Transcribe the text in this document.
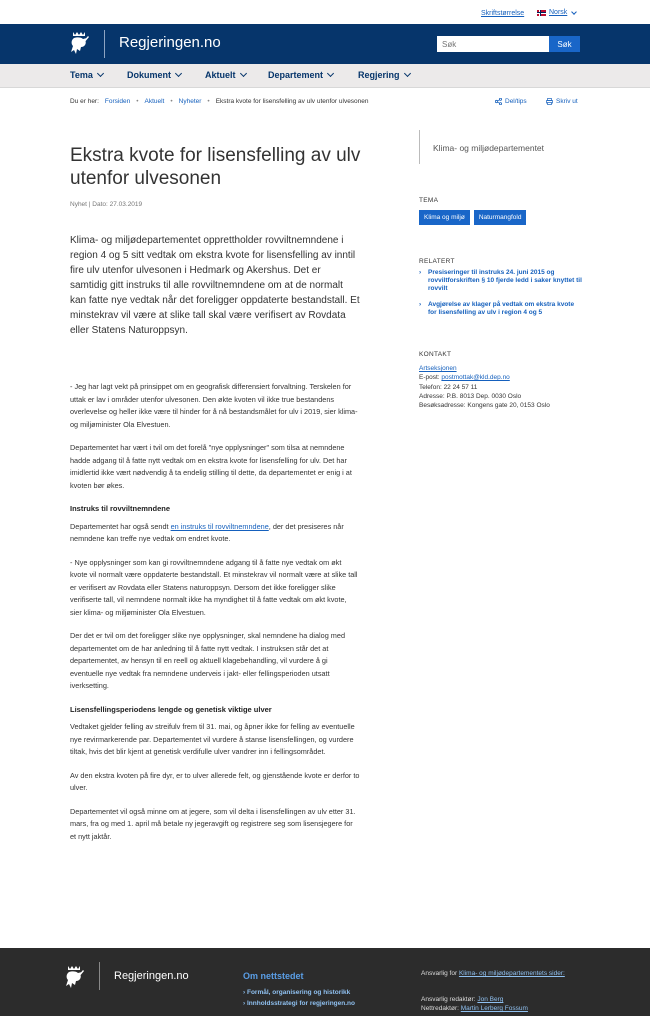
Skriftstørrelse	Norsk
Regjeringen.no
Søk	Søk
Tema	Dokument	Aktuelt	Departement	Regjering
Du er her: Forsiden • Aktuelt • Nyheter • Ekstra kvote for lisensfelling av ulv utenfor ulvesonen	Del/tips	Skriv ut
Ekstra kvote for lisensfelling av ulv utenfor ulvesonen
Nyhet | Dato: 27.03.2019
Klima- og miljødepartementet opprettholder rovviltnemndene i region 4 og 5 sitt vedtak om ekstra kvote for lisensfelling av inntil fire ulv utenfor ulvesonen i Hedmark og Akershus. Det er samtidig gitt instruks til alle rovviltnemndene om at de normalt kan fatte nye vedtak når det foreligger oppdaterte bestandstall. Et minstekrav vil være at slike tall skal være verifisert av Rovdata eller Statens Naturoppsyn.

- Jeg har lagt vekt på prinsippet om en geografisk differensiert forvaltning. Terskelen for uttak er lav i områder utenfor ulvesonen. Den økte kvoten vil ikke true bestandens overlevelse og heller ikke være til hinder for å nå bestandsmålet for ulv i 2019, sier klima- og miljøminister Ola Elvestuen.

Departementet har vært i tvil om det forelå "nye opplysninger" som tilsa at nemndene hadde adgang til å fatte nytt vedtak om en ekstra kvote for lisensfelling for ulv. Det har imidlertid ikke vært nødvendig å ta endelig stilling til dette, da departementet er enig i at kvoten bør økes.

Instruks til rovviltnemndene

Departementet har også sendt en instruks til rovviltnemndene, der det presiseres når nemndene kan treffe nye vedtak om endret kvote.

- Nye opplysninger som kan gi rovviltnemndene adgang til å fatte nye vedtak om økt kvote vil normalt være oppdaterte bestandstall. Et minstekrav vil normalt være at slike tall er verifisert av Rovdata eller Statens naturoppsyn. Dersom det ikke foreligger slike verifiserte tall, vil nemndene normalt ikke ha myndighet til å fatte vedtak om økt kvote, sier klima- og miljøminister Ola Elvestuen.

Der det er tvil om det foreligger slike nye opplysninger, skal nemndene ha dialog med departementet om de har anledning til å fatte nytt vedtak. I instruksen står det at departementet, av hensyn til en reell og aktuell klagebehandling, vil vurdere å gi eventuelle nye vedtak fra nemndene underveis i jakt- eller fellingsperioden utsatt iverksetting.

Lisensfellingsperiodens lengde og genetisk viktige ulver

Vedtaket gjelder felling av streifulv frem til 31. mai, og åpner ikke for felling av eventuelle nye revirmarkerende par. Departementet vil vurdere å stanse lisensfellingen, og vurdere tiltak, hvis det blir kjent at genetisk verdifulle ulver vandrer inn i fellingsområdet.

Av den ekstra kvoten på fire dyr, er to ulver allerede felt, og gjenstående kvote er derfor to ulver.

Departementet vil også minne om at jegere, som vil delta i lisensfellingen av ulv etter 31. mars, fra og med 1. april må betale ny jegeravgift og registrere seg som lisensjegere for et nytt jaktår.

Klima- og miljødepartementet
TEMA
Klima og miljø	Naturmangfold
RELATERT
›	Presiseringer til instruks 24. juni 2015 og rovviltforskriften § 10 fjerde ledd i saker knyttet til rovvilt
›	Avgjørelse av klager på vedtak om ekstra kvote for lisensfelling av ulv i region 4 og 5
KONTAKT
Artseksjonen
E-post: postmottak@kld.dep.no
Telefon: 22 24 57 11
Adresse: P.B. 8013 Dep. 0030 Oslo
Besøksadresse: Kongens gate 20, 0153 Oslo
Regjeringen.no	Om nettstedet
› Formål, organisering og historikk
› Innholdsstrategi for regjeringen.no
Ansvarlig for Klima- og miljødepartementets sider:
Ansvarlig redaktør: Jon Berg
Nettredaktør: Martin Lerberg Fossum
